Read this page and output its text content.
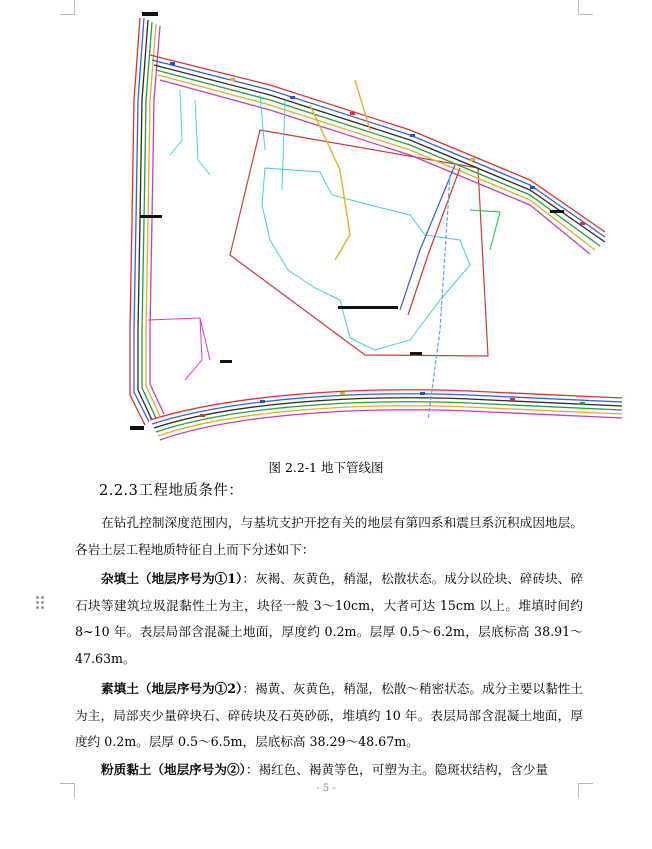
图 2.2-1 地下管线图
2.2.3工程地质条件：
在钻孔控制深度范围内，与基坑支护开挖有关的地层有第四系和震旦系沉积成因地层。各岩土层工程地质特征自上而下分述如下：
杂填土（地层序号为①1）：灰褐、灰黄色，稍湿，松散状态。成分以砼块、碎砖块、碎石块等建筑垃圾混黏性土为主，块径一般 3～10cm，大者可达 15cm 以上。堆填时间约 8~10 年。表层局部含混凝土地面，厚度约 0.2m。层厚 0.5～6.2m，层底标高 38.91～47.63m。
素填土（地层序号为①2）：褐黄、灰黄色，稍湿，松散～稍密状态。成分主要以黏性土为主，局部夹少量碎块石、碎砖块及石英砂砾，堆填约 10 年。表层局部含混凝土地面，厚度约 0.2m。层厚 0.5～6.5m，层底标高 38.29～48.67m。
粉质黏土（地层序号为②）：褐红色、褐黄等色，可塑为主。隐斑状结构，含少量
- 5 -
